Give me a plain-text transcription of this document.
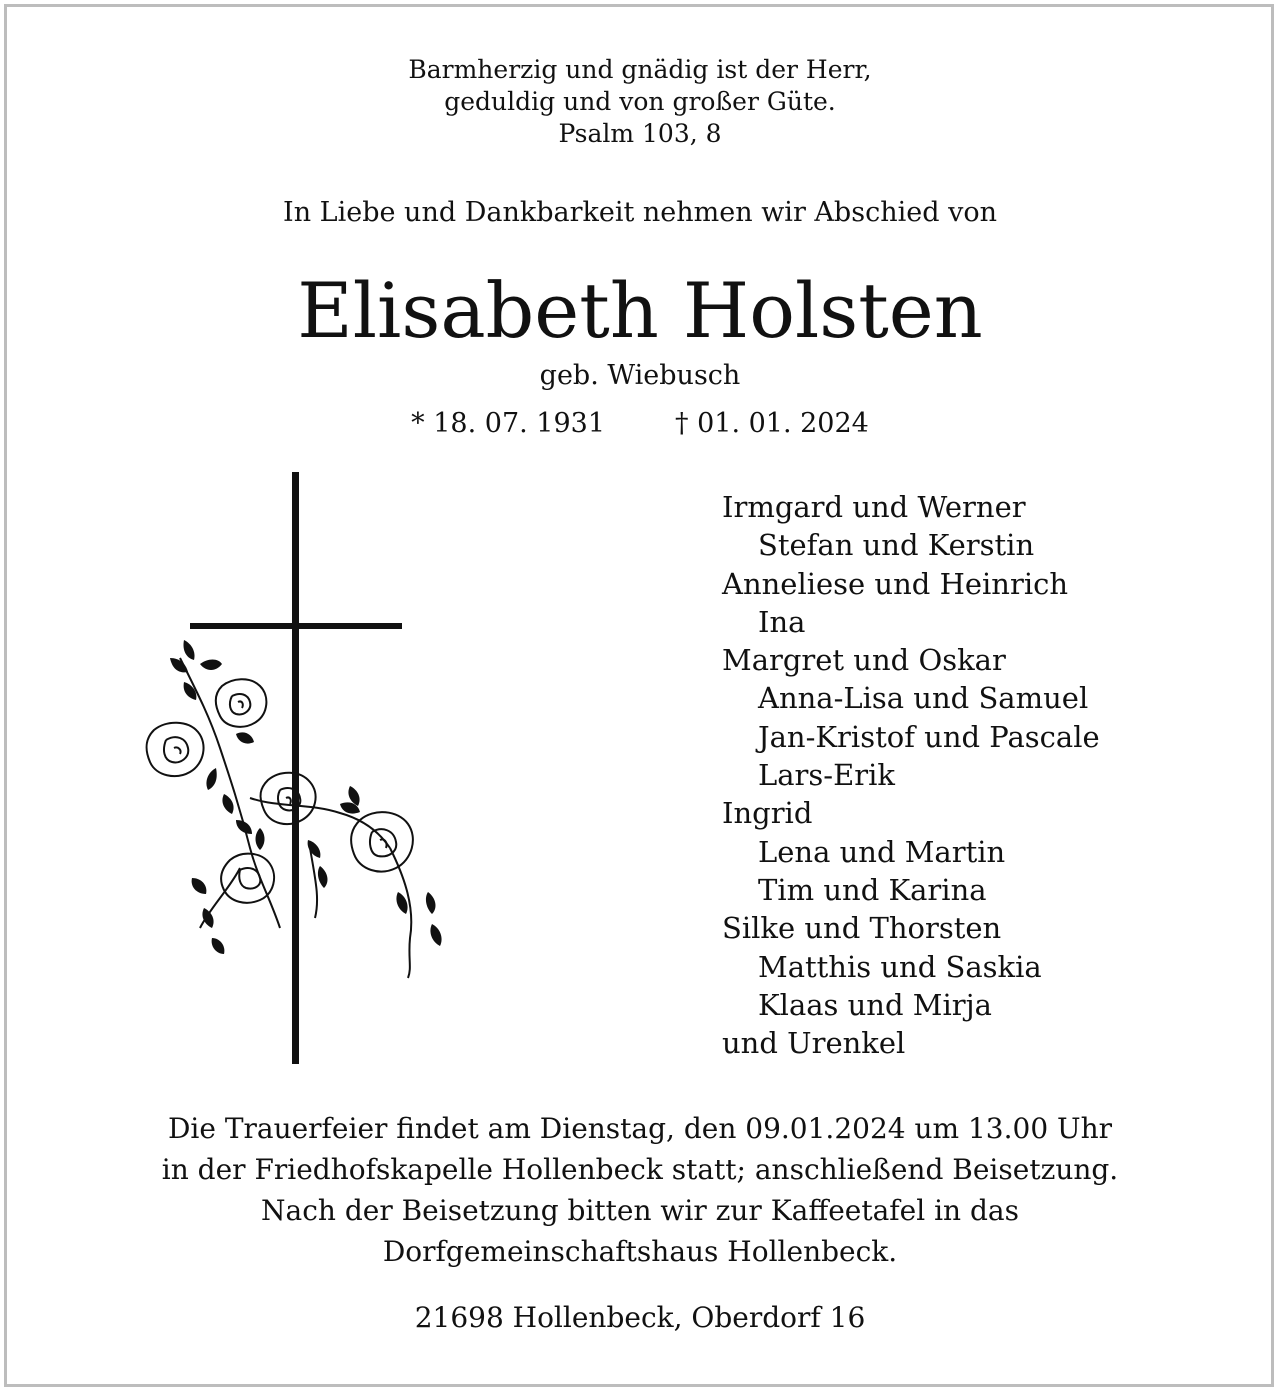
Barmherzig und gnädig ist der Herr,
geduldig und von großer Güte.
Psalm 103, 8
In Liebe und Dankbarkeit nehmen wir Abschied von
Elisabeth Holsten
geb. Wiebusch
* 18. 07. 1931	† 01. 01. 2024
Irmgard und Werner
Stefan und Kerstin
Anneliese und Heinrich
Ina
Margret und Oskar
Anna-Lisa und Samuel
Jan-Kristof und Pascale
Lars-Erik
Ingrid
Lena und Martin
Tim und Karina
Silke und Thorsten
Matthis und Saskia
Klaas und Mirja
und Urenkel
Die Trauerfeier findet am Dienstag, den 09.01.2024 um 13.00 Uhr
in der Friedhofskapelle Hollenbeck statt; anschließend Beisetzung.
Nach der Beisetzung bitten wir zur Kaffeetafel in das
Dorfgemeinschaftshaus Hollenbeck.
21698 Hollenbeck, Oberdorf 16
